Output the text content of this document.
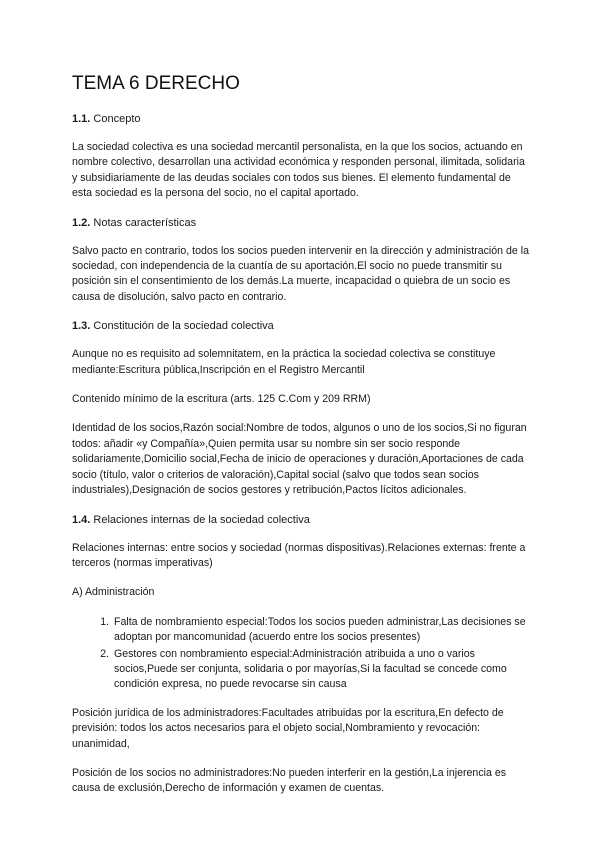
TEMA 6 DERECHO
1.1. Concepto

La sociedad colectiva es una sociedad mercantil personalista, en la que los socios, actuando en nombre colectivo, desarrollan una actividad económica y responden personal, ilimitada, solidaria y subsidiariamente de las deudas sociales con todos sus bienes. El elemento fundamental de esta sociedad es la persona del socio, no el capital aportado.

1.2. Notas características

Salvo pacto en contrario, todos los socios pueden intervenir en la dirección y administración de la sociedad, con independencia de la cuantía de su aportación.El socio no puede transmitir su posición sin el consentimiento de los demás.La muerte, incapacidad o quiebra de un socio es causa de disolución, salvo pacto en contrario.

1.3. Constitución de la sociedad colectiva

Aunque no es requisito ad solemnitatem, en la práctica la sociedad colectiva se constituye mediante:Escritura pública,Inscripción en el Registro Mercantil

Contenido mínimo de la escritura (arts. 125 C.Com y 209 RRM)

Identidad de los socios,Razón social:Nombre de todos, algunos o uno de los socios,Si no figuran todos: añadir «y Compañía»,Quien permita usar su nombre sin ser socio responde solidariamente,Domicilio social,Fecha de inicio de operaciones y duración,Aportaciones de cada socio (título, valor o criterios de valoración),Capital social (salvo que todos sean socios industriales),Designación de socios gestores y retribución,Pactos lícitos adicionales.

1.4. Relaciones internas de la sociedad colectiva

Relaciones internas: entre socios y sociedad (normas dispositivas).Relaciones externas: frente a terceros (normas imperativas)

A) Administración

1. Falta de nombramiento especial:Todos los socios pueden administrar,Las decisiones se adoptan por mancomunidad (acuerdo entre los socios presentes)
2. Gestores con nombramiento especial:Administración atribuida a uno o varios socios,Puede ser conjunta, solidaria o por mayorías,Si la facultad se concede como condición expresa, no puede revocarse sin causa

Posición jurídica de los administradores:Facultades atribuidas por la escritura,En defecto de previsión: todos los actos necesarios para el objeto social,Nombramiento y revocación: unanimidad,

Posición de los socios no administradores:No pueden interferir en la gestión,La injerencia es causa de exclusión,Derecho de información y examen de cuentas.
